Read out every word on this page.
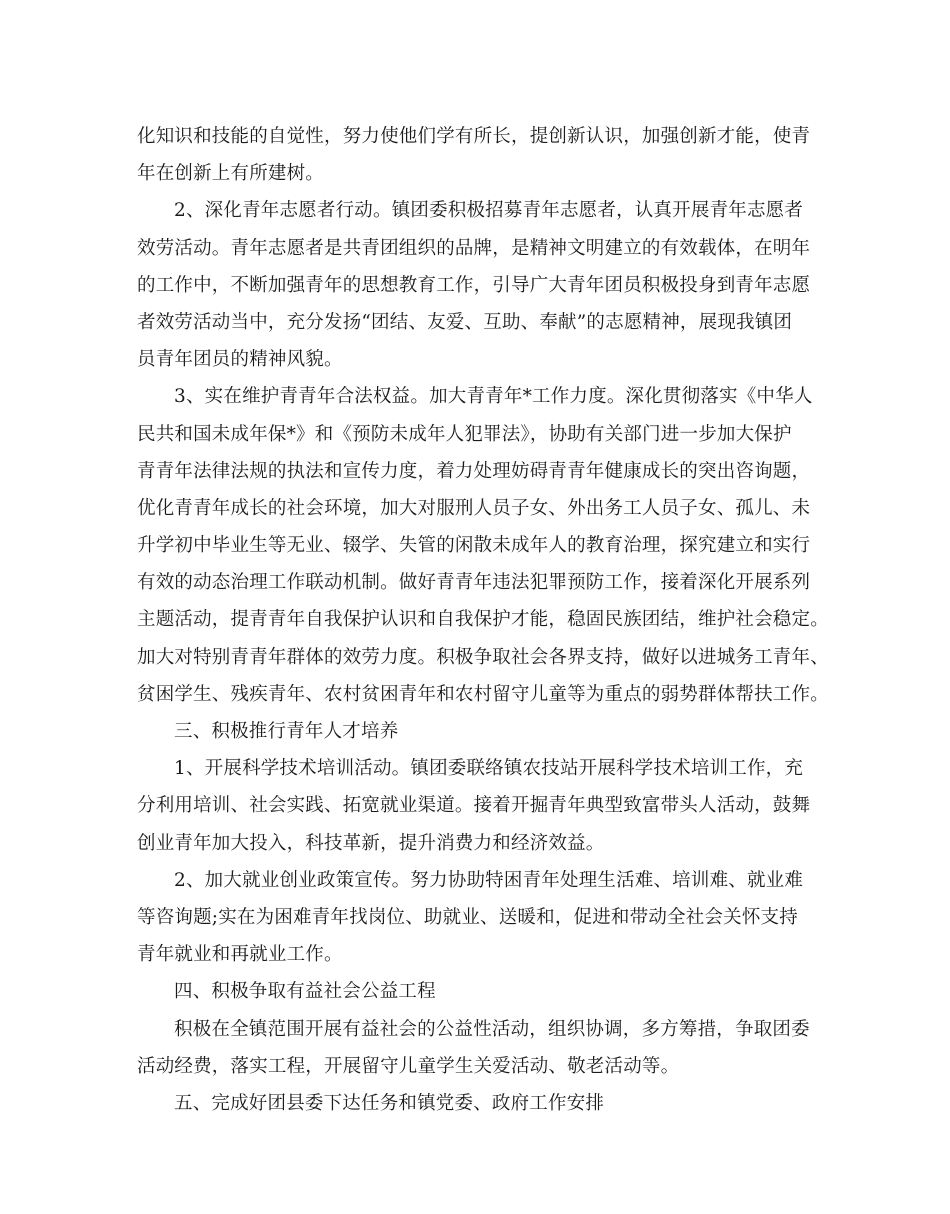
化知识和技能的自觉性，努力使他们学有所长，提创新认识，加强创新才能，使青
年在创新上有所建树。
2、深化青年志愿者行动。镇团委积极招募青年志愿者，认真开展青年志愿者
效劳活动。青年志愿者是共青团组织的品牌，是精神文明建立的有效载体，在明年
的工作中，不断加强青年的思想教育工作，引导广大青年团员积极投身到青年志愿
者效劳活动当中，充分发扬“团结、友爱、互助、奉献”的志愿精神，展现我镇团
员青年团员的精神风貌。
3、实在维护青青年合法权益。加大青青年*工作力度。深化贯彻落实《中华人
民共和国未成年保*》和《预防未成年人犯罪法》，协助有关部门进一步加大保护
青青年法律法规的执法和宣传力度，着力处理妨碍青青年健康成长的突出咨询题，
优化青青年成长的社会环境，加大对服刑人员子女、外出务工人员子女、孤儿、未
升学初中毕业生等无业、辍学、失管的闲散未成年人的教育治理，探究建立和实行
有效的动态治理工作联动机制。做好青青年违法犯罪预防工作，接着深化开展系列
主题活动，提青青年自我保护认识和自我保护才能，稳固民族团结，维护社会稳定。
加大对特别青青年群体的效劳力度。积极争取社会各界支持，做好以进城务工青年、
贫困学生、残疾青年、农村贫困青年和农村留守儿童等为重点的弱势群体帮扶工作。
三、积极推行青年人才培养
1、开展科学技术培训活动。镇团委联络镇农技站开展科学技术培训工作，充
分利用培训、社会实践、拓宽就业渠道。接着开掘青年典型致富带头人活动，鼓舞
创业青年加大投入，科技革新，提升消费力和经济效益。
2、加大就业创业政策宣传。努力协助特困青年处理生活难、培训难、就业难
等咨询题;实在为困难青年找岗位、助就业、送暖和，促进和带动全社会关怀支持
青年就业和再就业工作。
四、积极争取有益社会公益工程
积极在全镇范围开展有益社会的公益性活动，组织协调，多方筹措，争取团委
活动经费，落实工程，开展留守儿童学生关爱活动、敬老活动等。
五、完成好团县委下达任务和镇党委、政府工作安排
